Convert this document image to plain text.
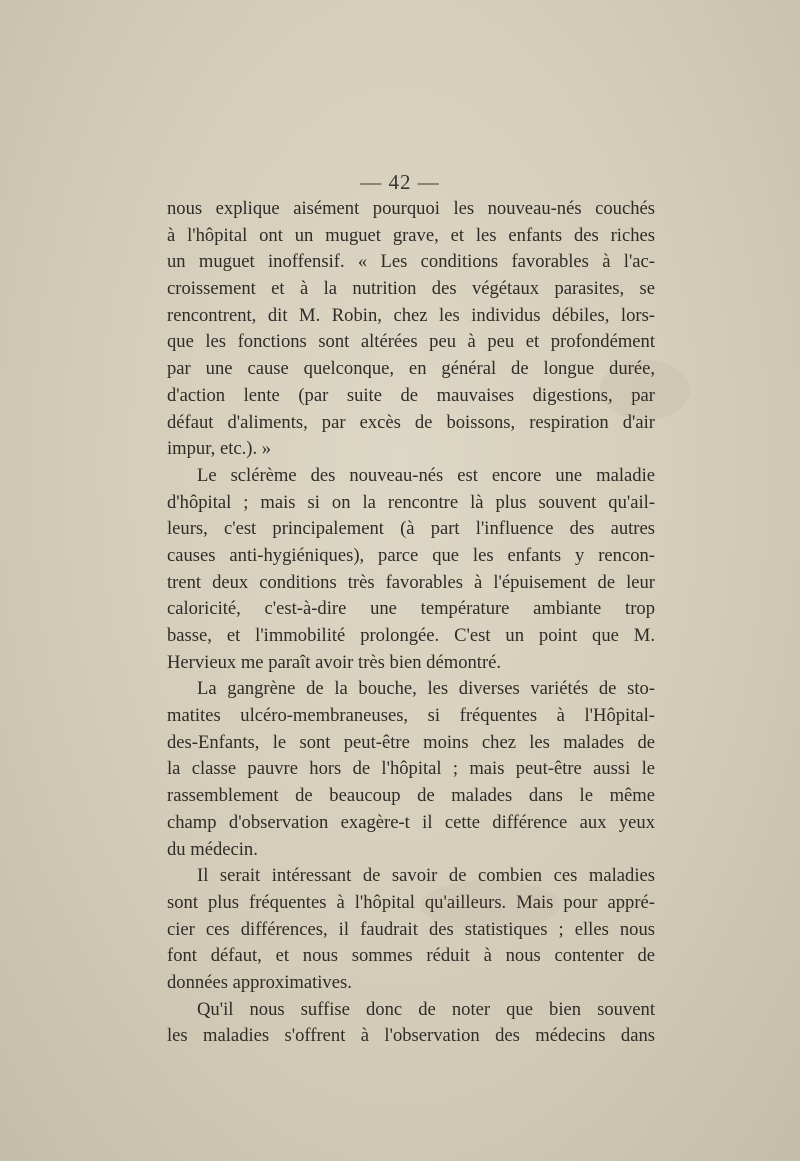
— 42 —
nous explique aisément pourquoi les nouveau-nés couchés
à l'hôpital ont un muguet grave, et les enfants des riches
un muguet inoffensif. « Les conditions favorables à l'ac-
croissement et à la nutrition des végétaux parasites, se
rencontrent, dit M. Robin, chez les individus débiles, lors-
que les fonctions sont altérées peu à peu et profondément
par une cause quelconque, en général de longue durée,
d'action lente (par suite de mauvaises digestions, par
défaut d'aliments, par excès de boissons, respiration d'air
impur, etc.). »
Le sclérème des nouveau-nés est encore une maladie
d'hôpital ; mais si on la rencontre là plus souvent qu'ail-
leurs, c'est principalement (à part l'influence des autres
causes anti-hygiéniques), parce que les enfants y rencon-
trent deux conditions très favorables à l'épuisement de leur
caloricité, c'est-à-dire une température ambiante trop
basse, et l'immobilité prolongée. C'est un point que M.
Hervieux me paraît avoir très bien démontré.
La gangrène de la bouche, les diverses variétés de sto-
matites ulcéro-membraneuses, si fréquentes à l'Hôpital-
des-Enfants, le sont peut-être moins chez les malades de
la classe pauvre hors de l'hôpital ; mais peut-être aussi le
rassemblement de beaucoup de malades dans le même
champ d'observation exagère-t il cette différence aux yeux
du médecin.
Il serait intéressant de savoir de combien ces maladies
sont plus fréquentes à l'hôpital qu'ailleurs. Mais pour appré-
cier ces différences, il faudrait des statistiques ; elles nous
font défaut, et nous sommes réduit à nous contenter de
données approximatives.
Qu'il nous suffise donc de noter que bien souvent
les maladies s'offrent à l'observation des médecins dans
